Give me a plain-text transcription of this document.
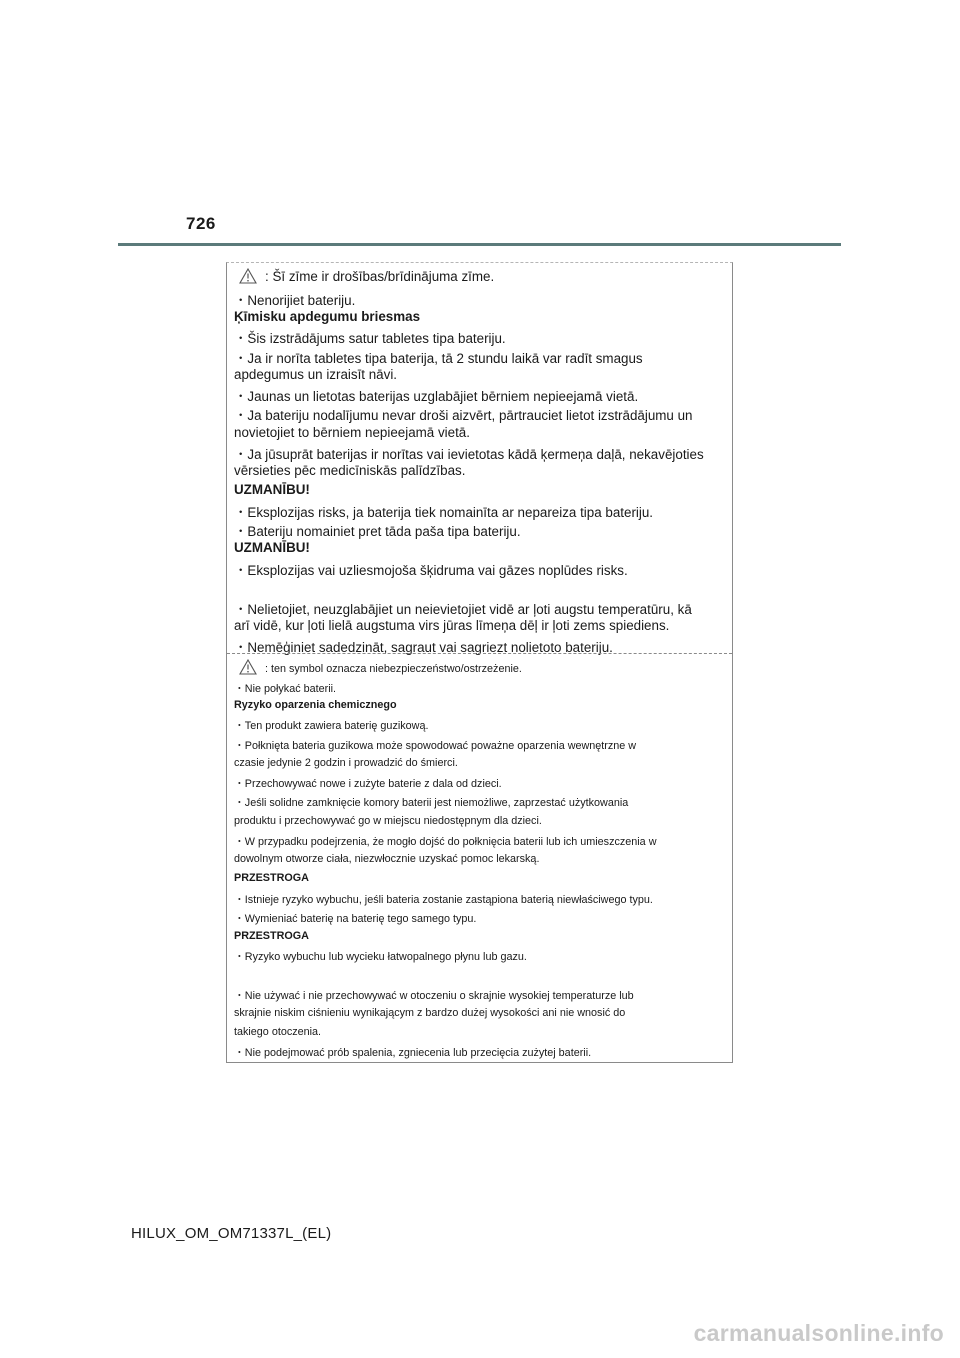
726
: Šī zīme ir drošības/brīdinājuma zīme.
・Nenorijiet bateriju.
Ķīmisku apdegumu briesmas
・Šis izstrādājums satur tabletes tipa bateriju.
・Ja ir norīta tabletes tipa baterija, tā 2 stundu laikā var radīt smagus
apdegumus un izraisīt nāvi.
・Jaunas un lietotas baterijas uzglabājiet bērniem nepieejamā vietā.
・Ja bateriju nodalījumu nevar droši aizvērt, pārtrauciet lietot izstrādājumu un
novietojiet to bērniem nepieejamā vietā.
・Ja jūsuprāt baterijas ir norītas vai ievietotas kādā ķermeņa daļā, nekavējoties
vērsieties pēc medicīniskās palīdzības.
UZMANĪBU!
・Eksplozijas risks, ja baterija tiek nomainīta ar nepareiza tipa bateriju.
・Bateriju nomainiet pret tāda paša tipa bateriju.
UZMANĪBU!
・Eksplozijas vai uzliesmojoša šķidruma vai gāzes noplūdes risks.
・Nelietojiet, neuzglabājiet un neievietojiet vidē ar ļoti augstu temperatūru, kā
arī vidē, kur ļoti lielā augstuma virs jūras līmeņa dēļ ir ļoti zems spiediens.
・Nemēģiniet sadedzināt, sagraut vai sagriezt nolietoto bateriju.
: ten symbol oznacza niebezpieczeństwo/ostrzeżenie.
・Nie połykać baterii.
Ryzyko oparzenia chemicznego
・Ten produkt zawiera baterię guzikową.
・Połknięta bateria guzikowa może spowodować poważne oparzenia wewnętrzne w
czasie jedynie 2 godzin i prowadzić do śmierci.
・Przechowywać nowe i zużyte baterie z dala od dzieci.
・Jeśli solidne zamknięcie komory baterii jest niemożliwe, zaprzestać użytkowania
produktu i przechowywać go w miejscu niedostępnym dla dzieci.
・W przypadku podejrzenia, że mogło dojść do połknięcia baterii lub ich umieszczenia w
dowolnym otworze ciała, niezwłocznie uzyskać pomoc lekarską.
PRZESTROGA
・Istnieje ryzyko wybuchu, jeśli bateria zostanie zastąpiona baterią niewłaściwego typu.
・Wymieniać baterię na baterię tego samego typu.
PRZESTROGA
・Ryzyko wybuchu lub wycieku łatwopalnego płynu lub gazu.
・Nie używać i nie przechowywać w otoczeniu o skrajnie wysokiej temperaturze lub
skrajnie niskim ciśnieniu wynikającym z bardzo dużej wysokości ani nie wnosić do
takiego otoczenia.
・Nie podejmować prób spalenia, zgniecenia lub przecięcia zużytej baterii.
HILUX_OM_OM71337L_(EL)
carmanualsonline.info
